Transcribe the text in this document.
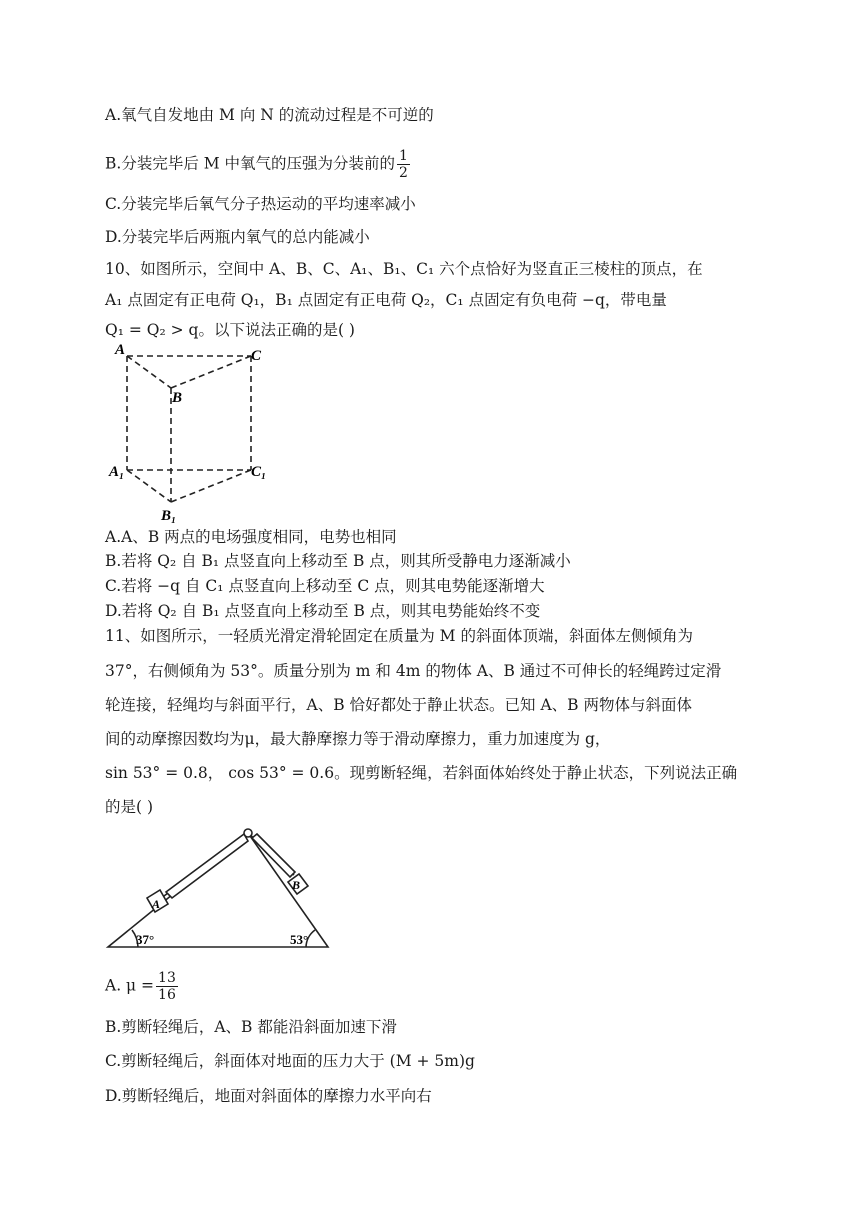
A.氧气自发地由 M 向 N 的流动过程是不可逆的
B.分装完毕后 M 中氧气的压强为分装前的 $\frac{1}{2}$
C.分装完毕后氧气分子热运动的平均速率减小
D.分装完毕后两瓶内氧气的总内能减小
10、如图所示，空间中 A、B、C、A₁、B₁、C₁ 六个点恰好为竖直正三棱柱的顶点，在
A₁ 点固定有正电荷 Q₁，B₁ 点固定有正电荷 Q₂，C₁ 点固定有负电荷 −q，带电量
Q₁ = Q₂ > q。以下说法正确的是( )
A	C
B
A₁	C₁
B₁
A.A、B 两点的电场强度相同，电势也相同
B.若将 Q₂ 自 B₁ 点竖直向上移动至 B 点，则其所受静电力逐渐减小
C.若将 −q 自 C₁ 点竖直向上移动至 C 点，则其电势能逐渐增大
D.若将 Q₂ 自 B₁ 点竖直向上移动至 B 点，则其电势能始终不变
11、如图所示，一轻质光滑定滑轮固定在质量为 M 的斜面体顶端，斜面体左侧倾角为
37°，右侧倾角为 53°。质量分别为 m 和 4m 的物体 A、B 通过不可伸长的轻绳跨过定滑
轮连接，轻绳均与斜面平行，A、B 恰好都处于静止状态。已知 A、B 两物体与斜面体
间的动摩擦因数均为μ，最大静摩擦力等于滑动摩擦力，重力加速度为 g，
sin 53° = 0.8， cos 53° = 0.6。现剪断轻绳，若斜面体始终处于静止状态，下列说法正确
的是( )
A
B
37°	53°
A. $\mu = \frac{13}{16}$
B.剪断轻绳后，A、B 都能沿斜面加速下滑
C.剪断轻绳后，斜面体对地面的压力大于 (M + 5m)g
D.剪断轻绳后，地面对斜面体的摩擦力水平向右
